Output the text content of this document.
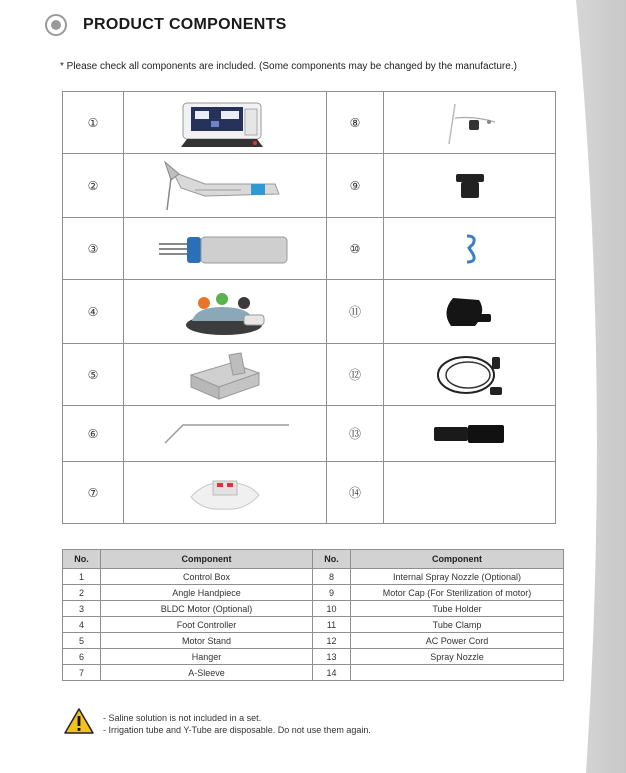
PRODUCT COMPONENTS
* Please check all components are included. (Some components may be changed by the manufacture.)
①		⑧	

②		⑨	

③		⑩	

④		⑪	

⑤		⑫	

⑥		⑬	

⑦		⑭	
No.	Component	No.	Component
1	Control Box	8	Internal Spray Nozzle (Optional)
2	Angle Handpiece	9	Motor Cap (For Sterilization of motor)
3	BLDC Motor (Optional)	10	Tube Holder
4	Foot Controller	11	Tube Clamp
5	Motor Stand	12	AC Power Cord
6	Hanger	13	Spray Nozzle
7	A-Sleeve	14	
- Saline solution is not included in a set.
- Irrigation tube and Y-Tube are disposable. Do not use them again.
